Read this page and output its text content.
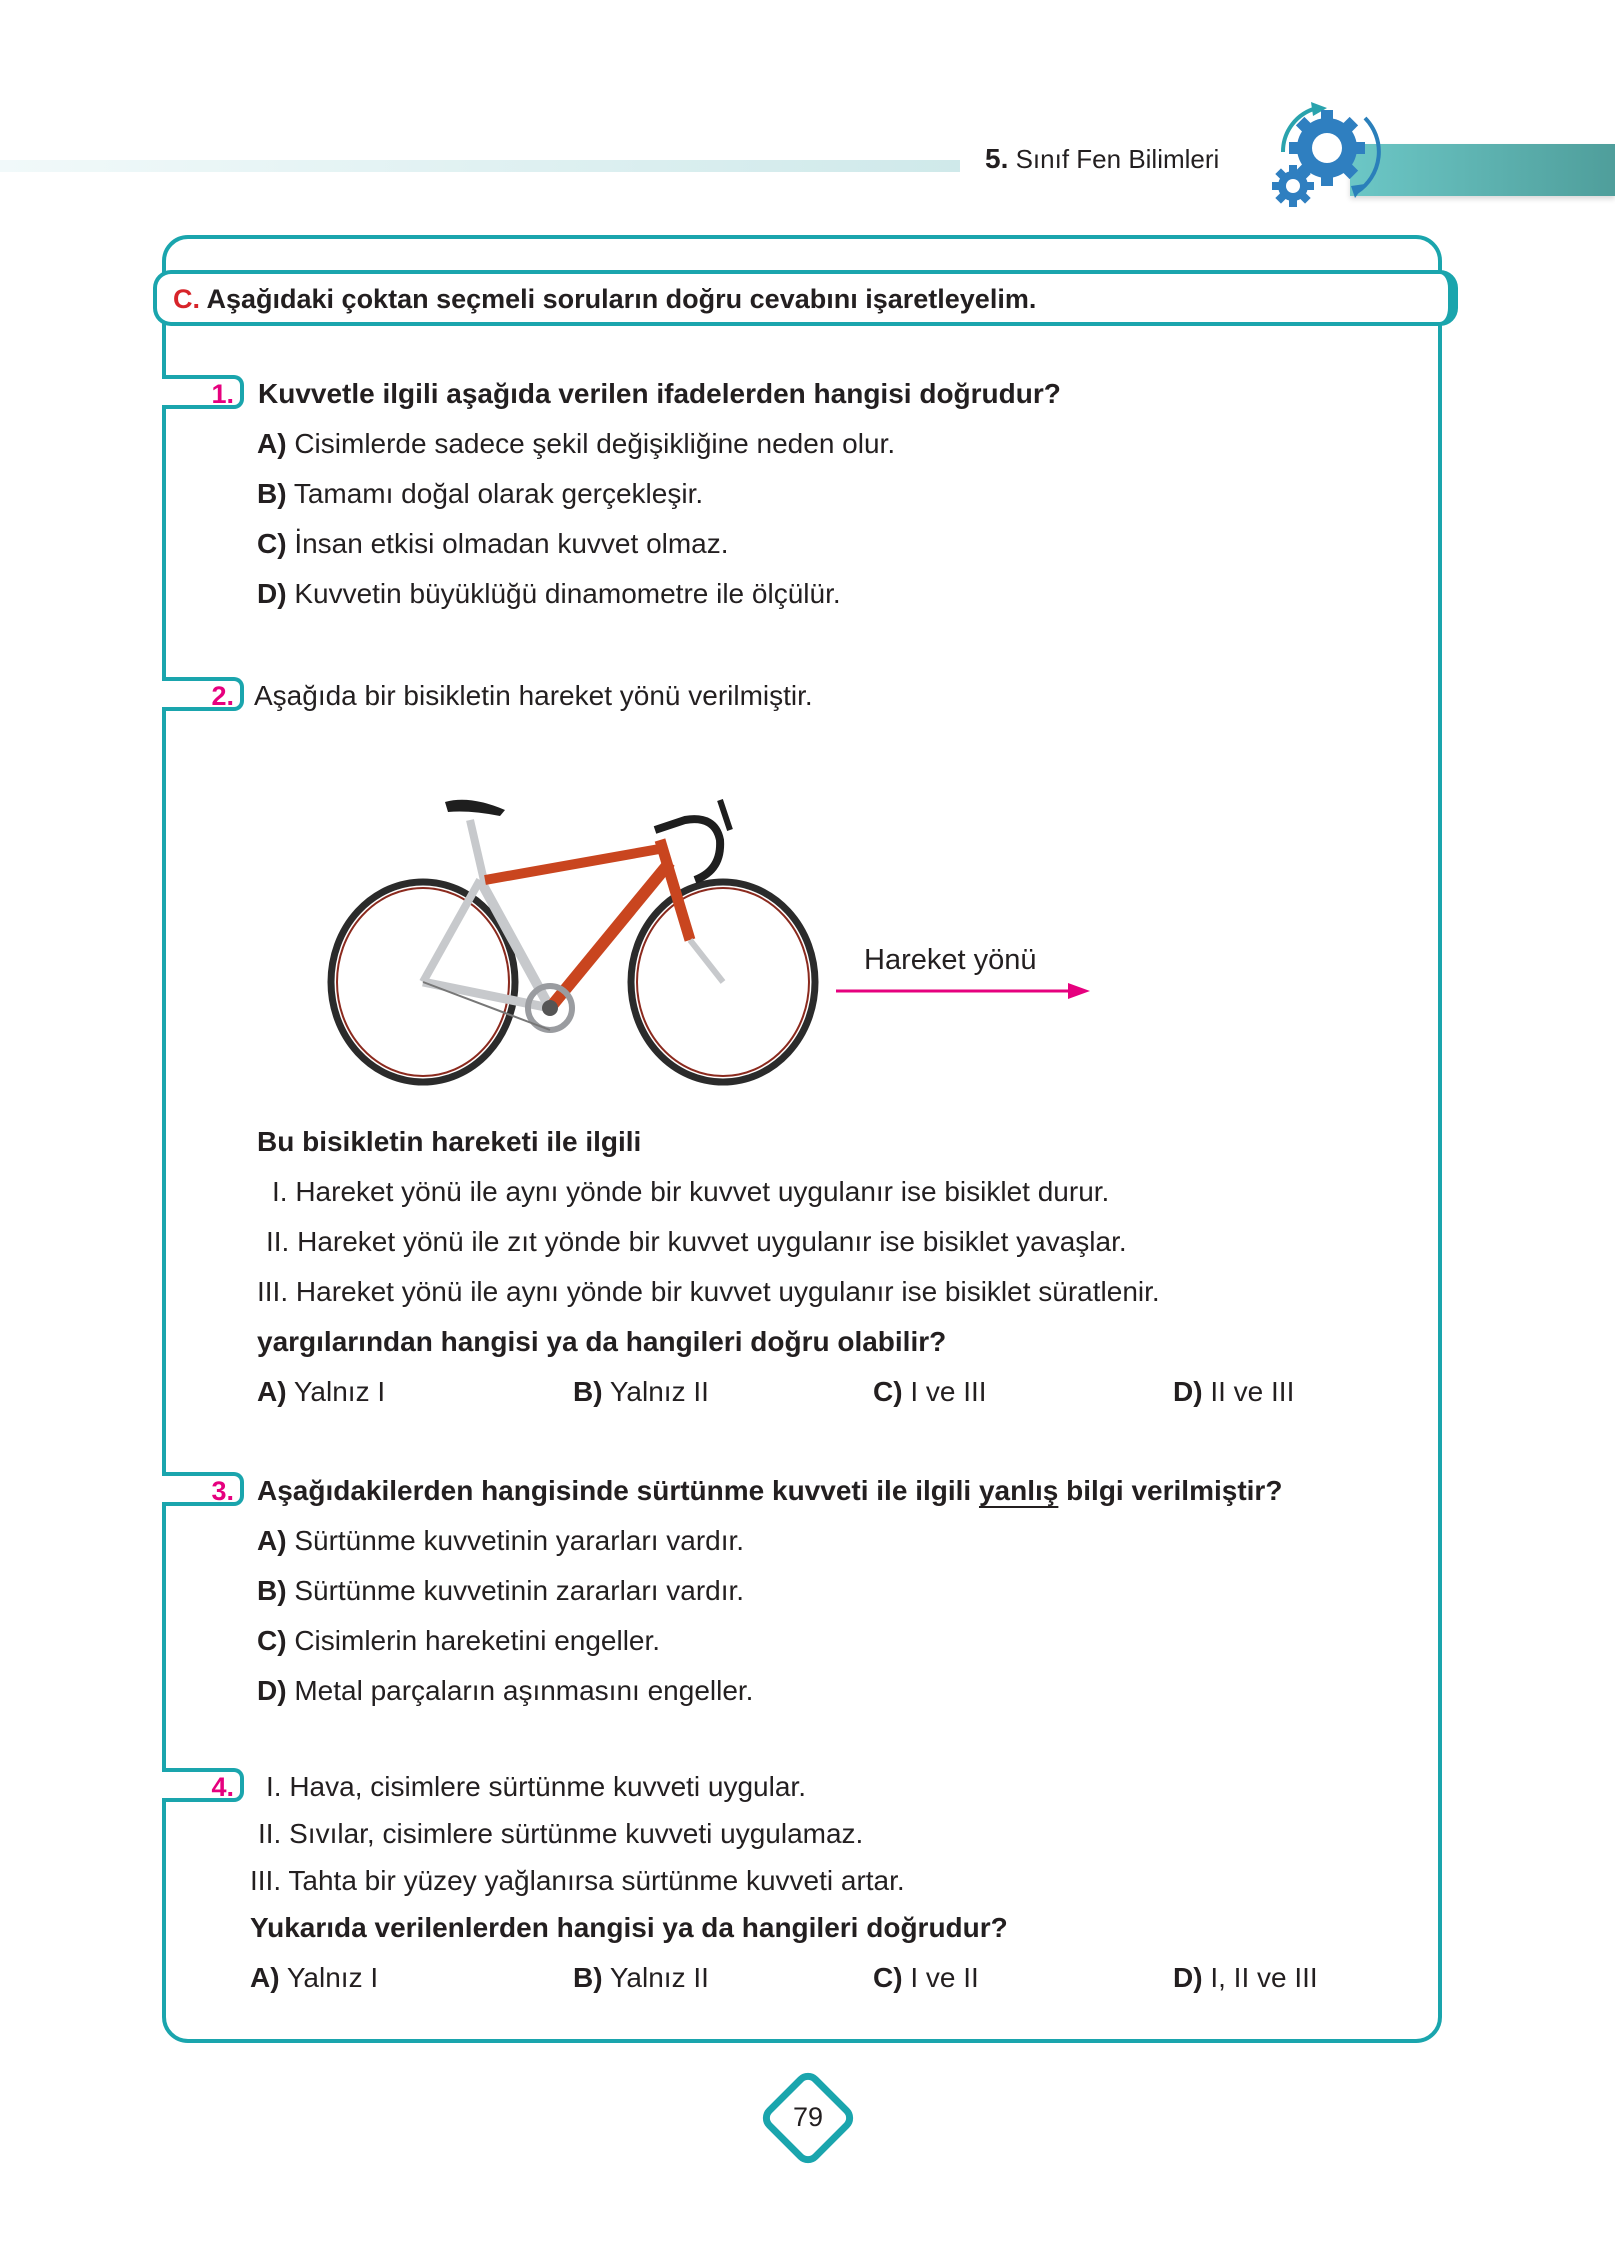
5. Sınıf Fen Bilimleri
C. Aşağıdaki çoktan seçmeli soruların doğru cevabını işaretleyelim.
1. Kuvvetle ilgili aşağıda verilen ifadelerden hangisi doğrudur?
A) Cisimlerde sadece şekil değişikliğine neden olur.
B) Tamamı doğal olarak gerçekleşir.
C) İnsan etkisi olmadan kuvvet olmaz.
D) Kuvvetin büyüklüğü dinamometre ile ölçülür.
2. Aşağıda bir bisikletin hareket yönü verilmiştir.
Hareket yönü
Bu bisikletin hareketi ile ilgili
I. Hareket yönü ile aynı yönde bir kuvvet uygulanır ise bisiklet durur.
II. Hareket yönü ile zıt yönde bir kuvvet uygulanır ise bisiklet yavaşlar.
III. Hareket yönü ile aynı yönde bir kuvvet uygulanır ise bisiklet süratlenir.
yargılarından hangisi ya da hangileri doğru olabilir?
A) Yalnız I	B) Yalnız II	C) I ve III	D) II ve III
3. Aşağıdakilerden hangisinde sürtünme kuvveti ile ilgili yanlış bilgi verilmiştir?
A) Sürtünme kuvvetinin yararları vardır.
B) Sürtünme kuvvetinin zararları vardır.
C) Cisimlerin hareketini engeller.
D) Metal parçaların aşınmasını engeller.
4. I. Hava, cisimlere sürtünme kuvveti uygular.
II. Sıvılar, cisimlere sürtünme kuvveti uygulamaz.
III. Tahta bir yüzey yağlanırsa sürtünme kuvveti artar.
Yukarıda verilenlerden hangisi ya da hangileri doğrudur?
A) Yalnız I	B) Yalnız II	C) I ve II	D) I, II ve III
79
